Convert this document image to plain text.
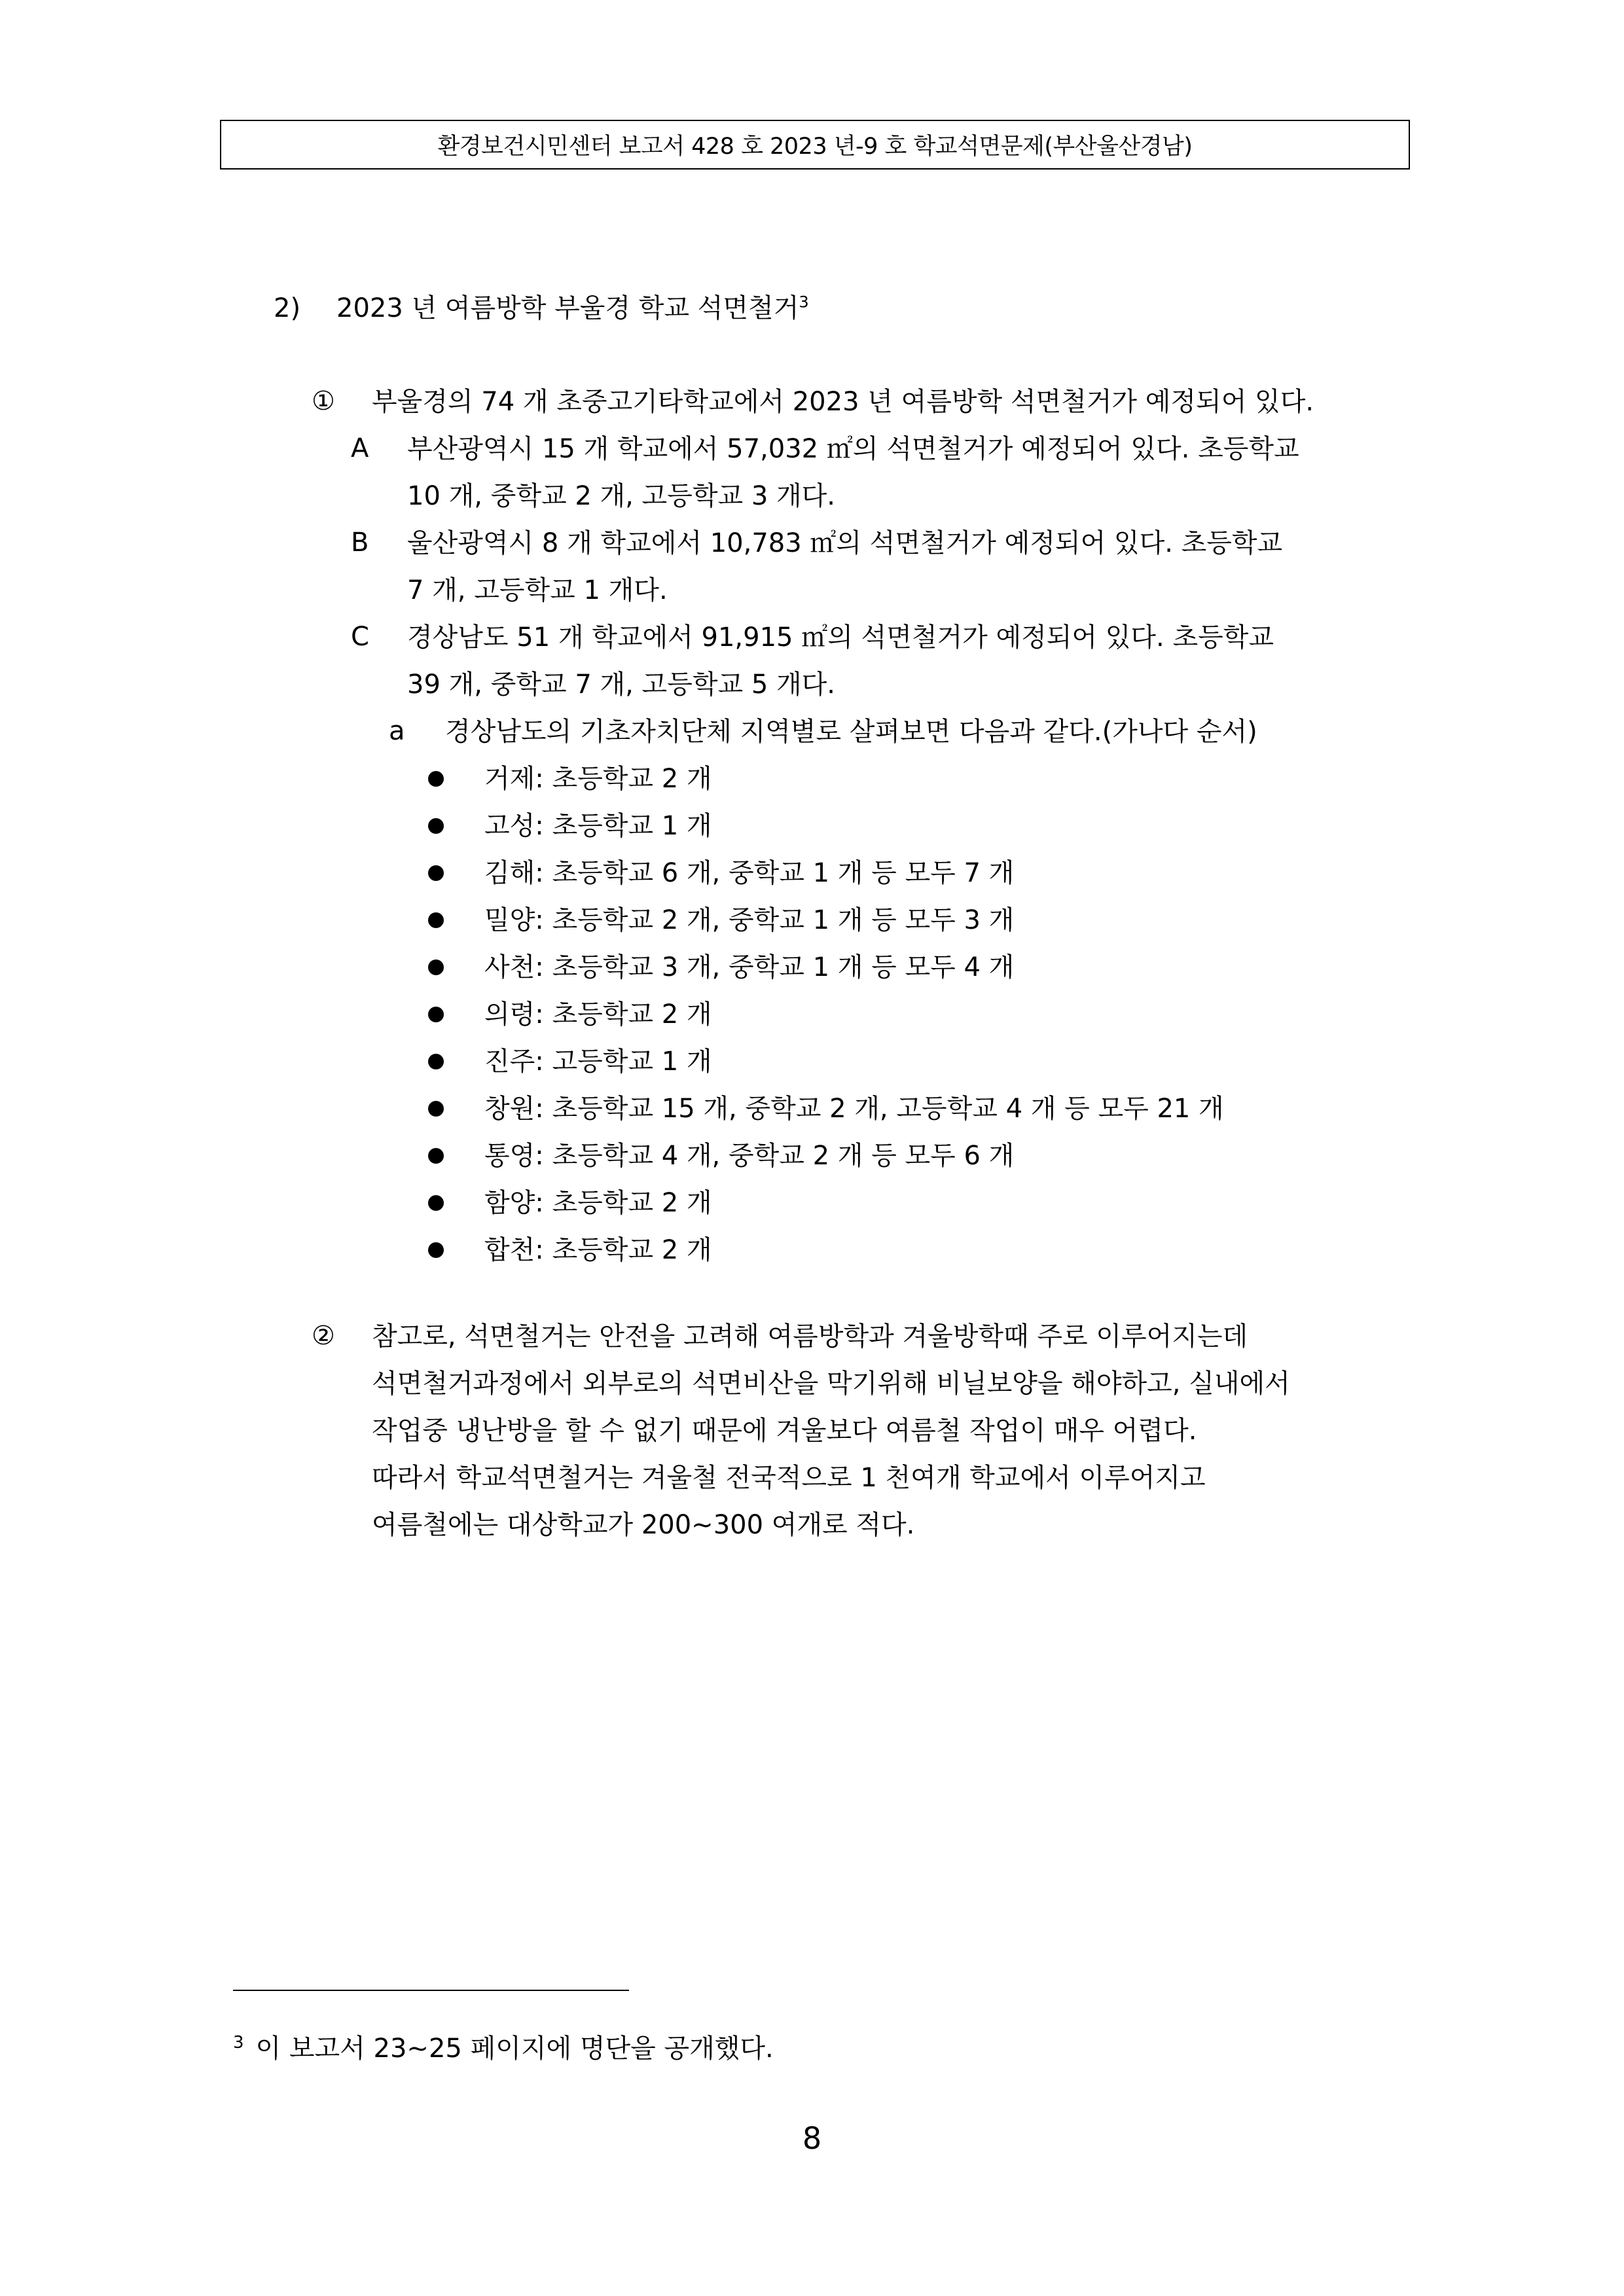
환경보건시민센터 보고서 428 호 2023 년-9 호 학교석면문제(부산울산경남)
2) 2023 년 여름방학 부울경 학교 석면철거$^3$
① 부울경의 74 개 초중고기타학교에서 2023 년 여름방학 석면철거가 예정되어 있다.
A 부산광역시 15 개 학교에서 57,032 ㎡의 석면철거가 예정되어 있다. 초등학교
10 개, 중학교 2 개, 고등학교 3 개다.
B 울산광역시 8 개 학교에서 10,783 ㎡의 석면철거가 예정되어 있다. 초등학교
7 개, 고등학교 1 개다.
C 경상남도 51 개 학교에서 91,915 ㎡의 석면철거가 예정되어 있다. 초등학교
39 개, 중학교 7 개, 고등학교 5 개다.
a 경상남도의 기초자치단체 지역별로 살펴보면 다음과 같다.(가나다 순서)
거제: 초등학교 2 개
고성: 초등학교 1 개
김해: 초등학교 6 개, 중학교 1 개 등 모두 7 개
밀양: 초등학교 2 개, 중학교 1 개 등 모두 3 개
사천: 초등학교 3 개, 중학교 1 개 등 모두 4 개
의령: 초등학교 2 개
진주: 고등학교 1 개
창원: 초등학교 15 개, 중학교 2 개, 고등학교 4 개 등 모두 21 개
통영: 초등학교 4 개, 중학교 2 개 등 모두 6 개
함양: 초등학교 2 개
합천: 초등학교 2 개
② 참고로, 석면철거는 안전을 고려해 여름방학과 겨울방학때 주로 이루어지는데
석면철거과정에서 외부로의 석면비산을 막기위해 비닐보양을 해야하고, 실내에서
작업중 냉난방을 할 수 없기 때문에 겨울보다 여름철 작업이 매우 어렵다.
따라서 학교석면철거는 겨울철 전국적으로 1 천여개 학교에서 이루어지고
여름철에는 대상학교가 200~300 여개로 적다.
$^3$ 이 보고서 23~25 페이지에 명단을 공개했다.
8
